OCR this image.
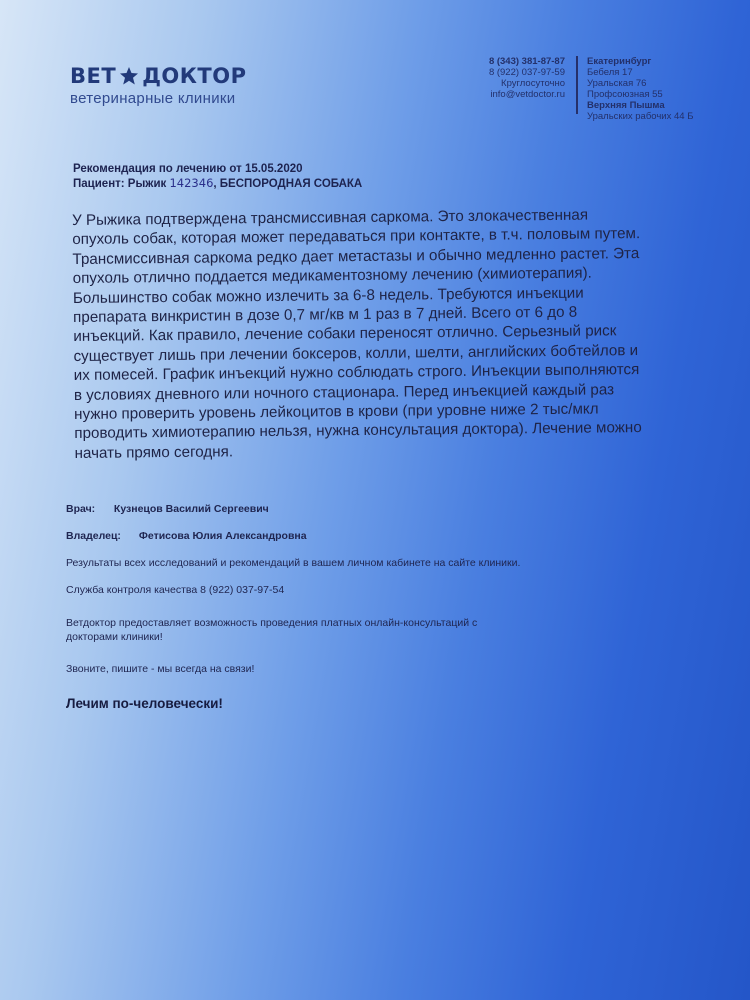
ВЕТ ДОКТОР
ветеринарные клиники
8 (343) 381-87-87
8 (922) 037-97-59
Круглосуточно
info@vetdoctor.ru
Екатеринбург
Бебеля 17
Уральская 76
Профсоюзная 55
Верхняя Пышма
Уральских рабочих 44 Б
Рекомендация по лечению от 15.05.2020
Пациент: Рыжик 142346, БЕСПОРОДНАЯ СОБАКА
У Рыжика подтверждена трансмиссивная саркома. Это злокачественная
опухоль собак, которая может передаваться при контакте, в т.ч. половым путем.
Трансмиссивная саркома редко дает метастазы и обычно медленно растет. Эта
опухоль отлично поддается медикаментозному лечению (химиотерапия).
Большинство собак можно излечить за 6-8 недель. Требуются инъекции
препарата винкристин в дозе 0,7 мг/кв м 1 раз в 7 дней. Всего от 6 до 8
инъекций. Как правило, лечение собаки переносят отлично. Серьезный риск
существует лишь при лечении боксеров, колли, шелти, английских бобтейлов и
их помесей. График инъекций нужно соблюдать строго. Инъекции выполняются
в условиях дневного или ночного стационара. Перед инъекцией каждый раз
нужно проверить уровень лейкоцитов в крови (при уровне ниже 2 тыс/мкл
проводить химиотерапию нельзя, нужна консультация доктора). Лечение можно
начать прямо сегодня.
Врач: Кузнецов Василий Сергеевич
Владелец: Фетисова Юлия Александровна
Результаты всех исследований и рекомендаций в вашем личном кабинете на сайте клиники.
Служба контроля качества 8 (922) 037-97-54
Ветдоктор предоставляет возможность проведения платных онлайн-консультаций с
докторами клиники!
Звоните, пишите - мы всегда на связи!
Лечим по-человечески!
